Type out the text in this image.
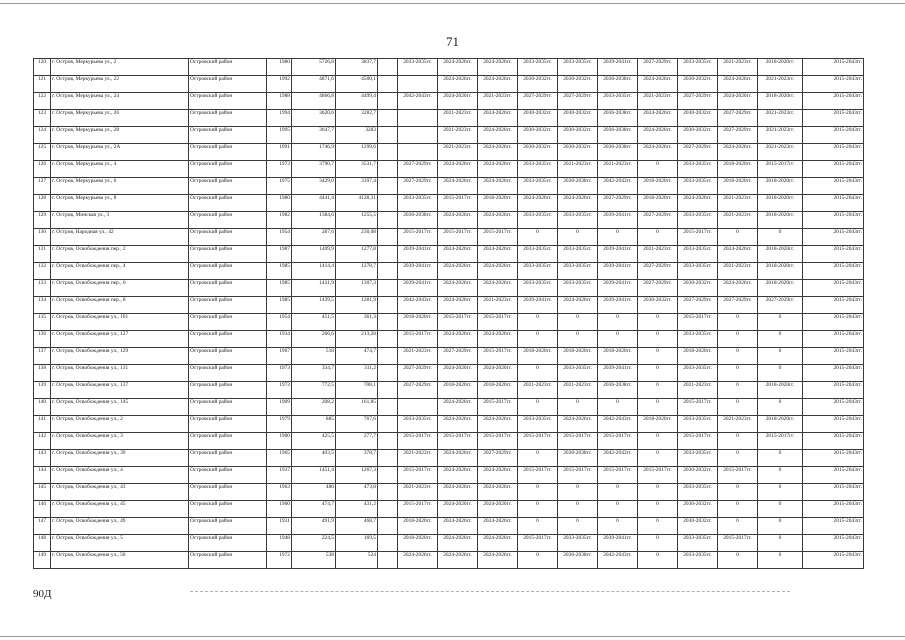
71
120	г. Остров, Меркурьева ул., 2	Островский район	1980	5726,8	3837,7		2033-2035гг.	2024-2026гг.	2024-2026гг.	2033-2035гг.	2033-2035гг.	2039-2041гг.	2027-2029гг.	2033-2035гг.	2021-2023гг.	2018-2020гг.	2015-2043гг.
121	г. Остров, Меркурьева ул., 22	Островский район	1992	4871,6	4500,1			2024-2026гг.	2024-2026гг.	2030-2032гг.	2030-2032гг.	2036-2038гг.	2024-2026гг.	2030-2032гг.	2024-2026гг.	2021-2023гг.	2015-2043гг.
122	г. Остров, Меркурьева ул., 24	Островский район	1988	4866,8	4499,4		2042-2043гг.	2024-2026гг.	2021-2023гг.	2027-2029гг.	2027-2029гг.	2033-2035гг.	2021-2023гг.	2027-2029гг.	2024-2026гг.	2018-2020гг.	2015-2043гг.
123	г. Остров, Меркурьева ул., 26	Островский район	1994	3620,6	3282,7			2021-2023гг.	2024-2026гг.	2030-2032гг.	2030-2032гг.	2036-2038гг.	2024-2026гг.	2030-2032гг.	2027-2029гг.	2021-2023гг.	2015-2043гг.
124	г. Остров, Меркурьева ул., 28	Островский район	1995	3647,7	3283			2021-2023гг.	2024-2026гг.	2030-2032гг.	2030-2032гг.	2036-2038гг.	2024-2026гг.	2030-2032гг.	2027-2029гг.	2021-2023гг.	2015-2043гг.
125	г. Остров, Меркурьева ул., 2А	Островский район	1991	1746,9	1299,6			2021-2023гг.	2024-2026гг.	2030-2032гг.	2030-2032гг.	2036-2038гг.	2024-2026гг.	2027-2029гг.	2024-2026гг.	2021-2023гг.	2015-2043гг.
126	г. Остров, Меркурьева ул., 4	Островский район	1973	3790,7	3531,7		2027-2029гг.	2024-2026гг.	2024-2026гг.	2033-2035гг.	2021-2023гг.	2021-2023гг.	0	2033-2035гг.	2018-2020гг.	2015-2017гг.	2015-2043гг.
127	г. Остров, Меркурьева ул., 6	Островский район	1975	3429,0	3397,4		2027-2029гг.	2024-2026гг.	2024-2026гг.	2033-2035гг.	2036-2038гг.	2042-2043гг.	2018-2020гг.	2033-2035гг.	2018-2020гг.	2018-2020гг.	2015-2043гг.
128	г. Остров, Меркурьева ул., 8	Островский район	1980	4441,4	4128,31		2033-2035гг.	2015-2017гг.	2018-2020гг.	2024-2026гг.	2024-2026гг.	2027-2029гг.	2018-2020гг.	2024-2026гг.	2021-2023гг.	2018-2020гг.	2015-2043гг.
129	г. Остров, Минская ул., 3	Островский район	1982	1384,6	1255,5		2036-2038гг.	2024-2026гг.	2024-2026гг.	2033-2035гг.	2033-2035гг.	2039-2041гг.	2027-2029гг.	2033-2035гг.	2021-2023гг.	2018-2020гг.	2015-2043гг.
130	г. Остров, Народная ул., 42	Островский район	1954	287,6	230,08		2015-2017гг.	2015-2017гг.	2015-2017гг.	0	0	0	0	2015-2017гг.	0	0	2015-2043гг.
131	г. Остров, Освобождения пер., 2	Островский район	1987	1409,9	1277,8		2039-2041гг.	2024-2026гг.	2024-2026гг.	2033-2035гг.	2033-2035гг.	2039-2041гг.	2021-2023гг.	2033-2035гг.	2024-2026гг.	2018-2020гг.	2015-2043гг.
132	г. Остров, Освобождения пер., 4	Островский район	1985	1414,4	1278,7		2039-2041гг.	2024-2026гг.	2024-2026гг.	2033-2035гг.	2033-2035гг.	2039-2041гг.	2027-2029гг.	2033-2035гг.	2021-2023гг.	2018-2020гг.	2015-2043гг.
133	г. Остров, Освобождения пер., 6	Островский район	1985	1431,9	1307,3		2039-2041гг.	2024-2026гг.	2024-2026гг.	2033-2035гг.	2033-2035гг.	2039-2041гг.	2027-2029гг.	2030-2032гг.	2024-2026гг.	2018-2020гг.	2015-2043гг.
134	г. Остров, Освобождения пер., 8	Островский район	1985	1439,5	1281,9		2042-2043гг.	2024-2026гг.	2021-2023гг.	2039-2041гг.	2024-2026гг.	2039-2041гг.	2030-2032гг.	2027-2029гг.	2027-2029гг.	2027-2029гг.	2015-2043гг.
135	г. Остров, Освобождения ул., 101	Островский район	1954	451,5	361,3		2018-2020гг.	2015-2017гг.	2015-2017гг.	0	0	0	0	2015-2017гг.	0	0	2015-2043гг.
136	г. Остров, Освобождения ул., 127	Островский район	1934	266,6	213,28		2015-2017гг.	2024-2026гг.	2024-2026гг.	0	0	0	0	2033-2035гг.	0	0	2015-2043гг.
137	г. Остров, Освобождения ул., 129	Островский район	1967	518	474,7		2021-2023гг.	2027-2029гг.	2015-2017гг.	2018-2020гг.	2018-2020гг.	2018-2020гг.	0	2018-2020гг.	0	0	2015-2043гг.
138	г. Остров, Освобождения ул., 131	Островский район	1973	334,7	311,2		2027-2029гг.	2024-2026гг.	2024-2026гг.	0	2033-2035гг.	2039-2041гг.	0	2033-2035гг.	0	0	2015-2043гг.
139	г. Остров, Освобождения ул., 137	Островский район	1973	772,5	708,1		2027-2029гг.	2018-2020гг.	2018-2020гг.	2021-2023гг.	2021-2023гг.	2036-2038гг.	0	2021-2023гг.	0	2018-2020гг.	2015-2043гг.
140	г. Остров, Освобождения ул., 145	Островский район	1909	208,2	161,85			2024-2026гг.	2015-2017гг.	0	0	0	0	2015-2017гг.	0	0	2015-2043гг.
141	г. Остров, Освобождения ул., 2	Островский район	1979	885	767,6		2033-2035гг.	2024-2026гг.	2024-2026гг.	2033-2035гг.	2024-2026гг.	2042-2043гг.	2018-2020гг.	2033-2035гг.	2021-2023гг.	2018-2020гг.	2015-2043гг.
142	г. Остров, Освобождения ул., 3	Островский район	1900	425,5	277,7		2015-2017гг.	2015-2017гг.	2015-2017гг.	2015-2017гг.	2015-2017гг.	2015-2017гг.	0	2015-2017гг.	0	2015-2017гг.	2015-2043гг.
143	г. Остров, Освобождения ул., 39	Островский район	1965	403,5	378,7		2021-2023гг.	2024-2026гг.	2027-2029гг.	0	2036-2038гг.	2042-2043гг.	0	2033-2035гг.	0	0	2015-2043гг.
144	г. Остров, Освобождения ул., 4	Островский район	1937	1451,4	1267,3		2015-2017гг.	2024-2026гг.	2024-2026гг.	2015-2017гг.	2015-2017гг.	2015-2017гг.	2015-2017гг.	2030-2032гг.	2015-2017гг.	0	2015-2043гг.
145	г. Остров, Освобождения ул., 43	Островский район	1963	486	473,8		2021-2023гг.	2024-2026гг.	2024-2026гг.	0	0	0	0	2033-2035гг.	0	0	2015-2043гг.
146	г. Остров, Освобождения ул., 45	Островский район	1960	474,7	431,2		2015-2017гг.	2024-2026гг.	2024-2026гг.	0	0	0	0	2030-2032гг.	0	0	2015-2043гг.
147	г. Остров, Освобождения ул., 49	Островский район	1931	491,9	468,7		2018-2020гг.	2024-2026гг.	2024-2026гг.	0	0	0	0	2030-2032гг.	0	0	2015-2043гг.
148	г. Остров, Освобождения ул., 5	Островский район	1948	224,5	169,5		2018-2020гг.	2024-2026гг.	2024-2026гг.	2015-2017гг.	2033-2035гг.	2039-2041гг.	0	2033-2035гг.	2015-2017гг.	0	2015-2043гг.
149	г. Остров, Освобождения ул., 50	Островский район	1972	538	524		2024-2026гг.	2024-2026гг.	2024-2026гг.	0	2036-2038гг.	2042-2043гг.	0	2033-2035гг.	0	0	2015-2043гг.
90Д
